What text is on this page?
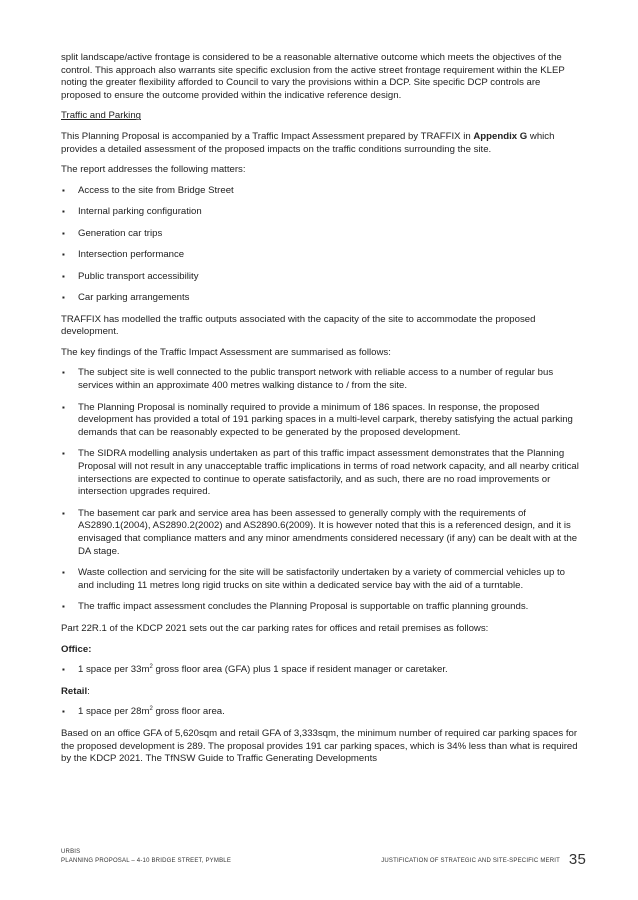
split landscape/active frontage is considered to be a reasonable alternative outcome which meets the objectives of the control. This approach also warrants site specific exclusion from the active street frontage requirement within the KLEP noting the greater flexibility afforded to Council to vary the provisions within a DCP. Site specific DCP controls are proposed to ensure the outcome provided within the indicative reference design.

Traffic and Parking

This Planning Proposal is accompanied by a Traffic Impact Assessment prepared by TRAFFIX in Appendix G which provides a detailed assessment of the proposed impacts on the traffic conditions surrounding the site.

The report addresses the following matters:

▪ Access to the site from Bridge Street
▪ Internal parking configuration
▪ Generation car trips
▪ Intersection performance
▪ Public transport accessibility
▪ Car parking arrangements

TRAFFIX has modelled the traffic outputs associated with the capacity of the site to accommodate the proposed development.

The key findings of the Traffic Impact Assessment are summarised as follows:

▪ The subject site is well connected to the public transport network with reliable access to a number of regular bus services within an approximate 400 metres walking distance to / from the site.
▪ The Planning Proposal is nominally required to provide a minimum of 186 spaces. In response, the proposed development has provided a total of 191 parking spaces in a multi-level carpark, thereby satisfying the actual parking demands that can be reasonably expected to be generated by the proposed development.
▪ The SIDRA modelling analysis undertaken as part of this traffic impact assessment demonstrates that the Planning Proposal will not result in any unacceptable traffic implications in terms of road network capacity, and all nearby critical intersections are expected to continue to operate satisfactorily, and as such, there are no road improvements or intersection upgrades required.
▪ The basement car park and service area has been assessed to generally comply with the requirements of AS2890.1(2004), AS2890.2(2002) and AS2890.6(2009). It is however noted that this is a referenced design, and it is envisaged that compliance matters and any minor amendments considered necessary (if any) can be dealt with at the DA stage.
▪ Waste collection and servicing for the site will be satisfactorily undertaken by a variety of commercial vehicles up to and including 11 metres long rigid trucks on site within a dedicated service bay with the aid of a turntable.
▪ The traffic impact assessment concludes the Planning Proposal is supportable on traffic planning grounds.

Part 22R.1 of the KDCP 2021 sets out the car parking rates for offices and retail premises as follows:

Office:

▪ 1 space per $33m^2$ gross floor area (GFA) plus 1 space if resident manager or caretaker.

Retail:

▪ 1 space per $28m^2$ gross floor area.

Based on an office GFA of 5,620sqm and retail GFA of 3,333sqm, the minimum number of required car parking spaces for the proposed development is 289. The proposal provides 191 car parking spaces, which is 34% less than what is required by the KDCP 2021. The TfNSW Guide to Traffic Generating Developments

URBIS
PLANNING PROPOSAL – 4-10 BRIDGE STREET, PYMBLE	JUSTIFICATION OF STRATEGIC AND SITE-SPECIFIC MERIT 35
